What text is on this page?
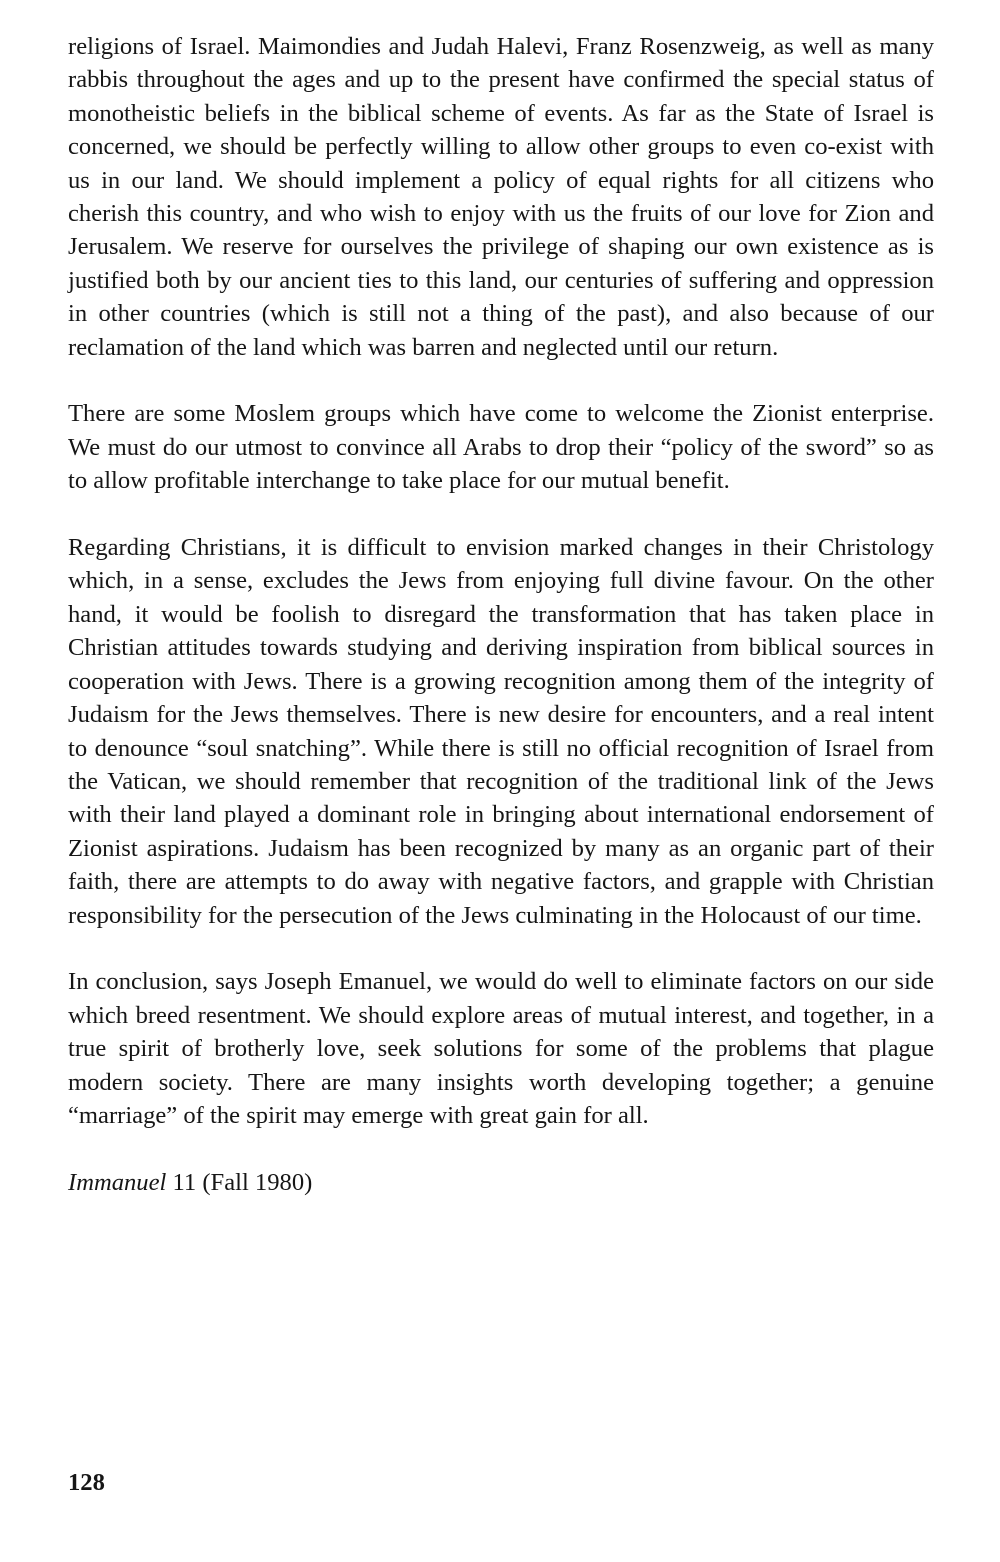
religions of Israel. Maimondies and Judah Halevi, Franz Rosenzweig, as well as many rabbis throughout the ages and up to the present have confirmed the special status of monotheistic beliefs in the biblical scheme of events. As far as the State of Israel is concerned, we should be perfectly willing to allow other groups to even co-exist with us in our land. We should implement a policy of equal rights for all citizens who cherish this country, and who wish to enjoy with us the fruits of our love for Zion and Jerusalem. We reserve for ourselves the privilege of shaping our own existence as is justified both by our ancient ties to this land, our centuries of suffering and oppression in other countries (which is still not a thing of the past), and also because of our reclamation of the land which was barren and neglected until our return.

There are some Moslem groups which have come to welcome the Zionist enterprise. We must do our utmost to convince all Arabs to drop their “policy of the sword” so as to allow profitable interchange to take place for our mutual benefit.

Regarding Christians, it is difficult to envision marked changes in their Christology which, in a sense, excludes the Jews from enjoying full divine favour. On the other hand, it would be foolish to disregard the transformation that has taken place in Christian attitudes towards studying and deriving inspiration from biblical sources in cooperation with Jews. There is a growing recognition among them of the integrity of Judaism for the Jews themselves. There is new desire for encounters, and a real intent to denounce “soul snatching”. While there is still no official recognition of Israel from the Vatican, we should remember that recognition of the traditional link of the Jews with their land played a dominant role in bringing about international endorsement of Zionist aspirations. Judaism has been recognized by many as an organic part of their faith, there are attempts to do away with negative factors, and grapple with Christian responsibility for the persecution of the Jews culminating in the Holocaust of our time.

In conclusion, says Joseph Emanuel, we would do well to eliminate factors on our side which breed resentment. We should explore areas of mutual interest, and together, in a true spirit of brotherly love, seek solutions for some of the problems that plague modern society. There are many insights worth developing together; a genuine “marriage” of the spirit may emerge with great gain for all.

Immanuel 11 (Fall 1980)

128
